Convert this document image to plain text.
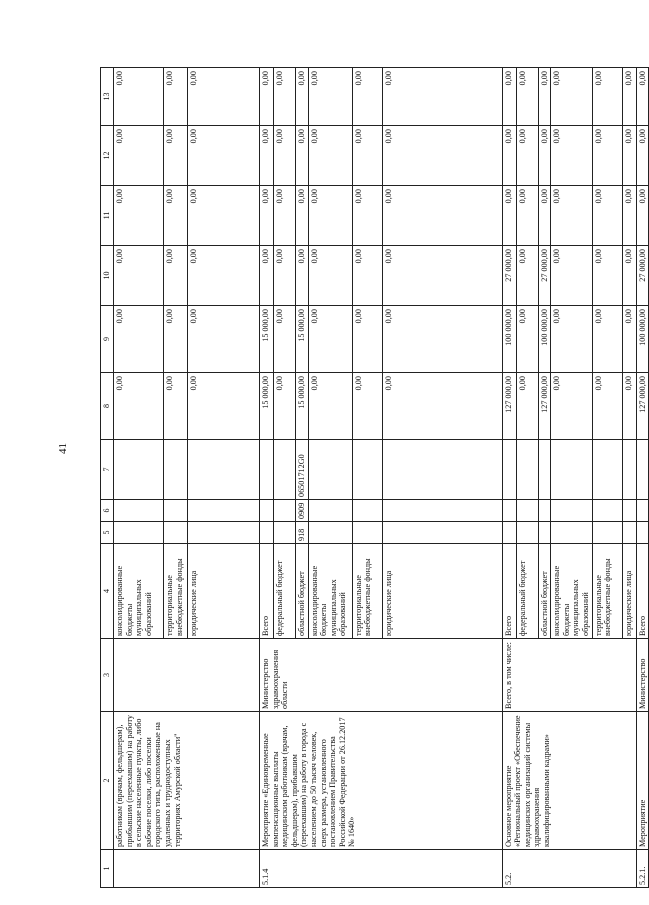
41
1	2	3	4	5	6	7	8	9	10	11	12	13
	работникам (врачам, фельдшерам), прибывшим (переехавшим) на работу в сельские населенные пункты, либо рабочие поселки, либо поселки городского типа, расположенные на удаленных и труднодоступных территориях Амурской области"		консолидированные бюджеты муниципальных образований				0,00	0,00	0,00	0,00	0,00	0,00
			территориальные внебюджетные фонды				0,00	0,00	0,00	0,00	0,00	0,00
			юридические лица				0,00	0,00	0,00	0,00	0,00	0,00
5.1.4	Мероприятие «Единовременные компенсационные выплаты медицинским работникам (врачам, фельдшерам), прибывшим (переехавшим) на работу в города с населением до 50 тысяч человек, сверх размера, установленного постановлением Правительства Российской Федерации от 26.12.2017 № 1640»	Министерство здравоохранения области	Всего				15 000,00	15 000,00	0,00	0,00	0,00	0,00
			федеральный бюджет				0,00	0,00	0,00	0,00	0,00	0,00
			областной бюджет	918	0909	06501712G0	15 000,00	15 000,00	0,00	0,00	0,00	0,00
			консолидированные бюджеты муниципальных образований				0,00	0,00	0,00	0,00	0,00	0,00
			территориальные внебюджетные фонды				0,00	0,00	0,00	0,00	0,00	0,00
			юридические лица				0,00	0,00	0,00	0,00	0,00	0,00
5.2.	Основное мероприятие «Региональный проект «Обеспечение медицинских организаций системы здравоохранения квалифицированными кадрами»	Всего, в том числе:	Всего				127 000,00	100 000,00	27 000,00	0,00	0,00	0,00
			федеральный бюджет				0,00	0,00	0,00	0,00	0,00	0,00
			областной бюджет				127 000,00	100 000,00	27 000,00	0,00	0,00	0,00
			консолидированные бюджеты муниципальных образований				0,00	0,00	0,00	0,00	0,00	0,00
			территориальные внебюджетные фонды				0,00	0,00	0,00	0,00	0,00	0,00
			юридические лица				0,00	0,00	0,00	0,00	0,00	0,00
5.2.1.	Мероприятие	Министерство	Всего				127 000,00	100 000,00	27 000,00	0,00	0,00	0,00
